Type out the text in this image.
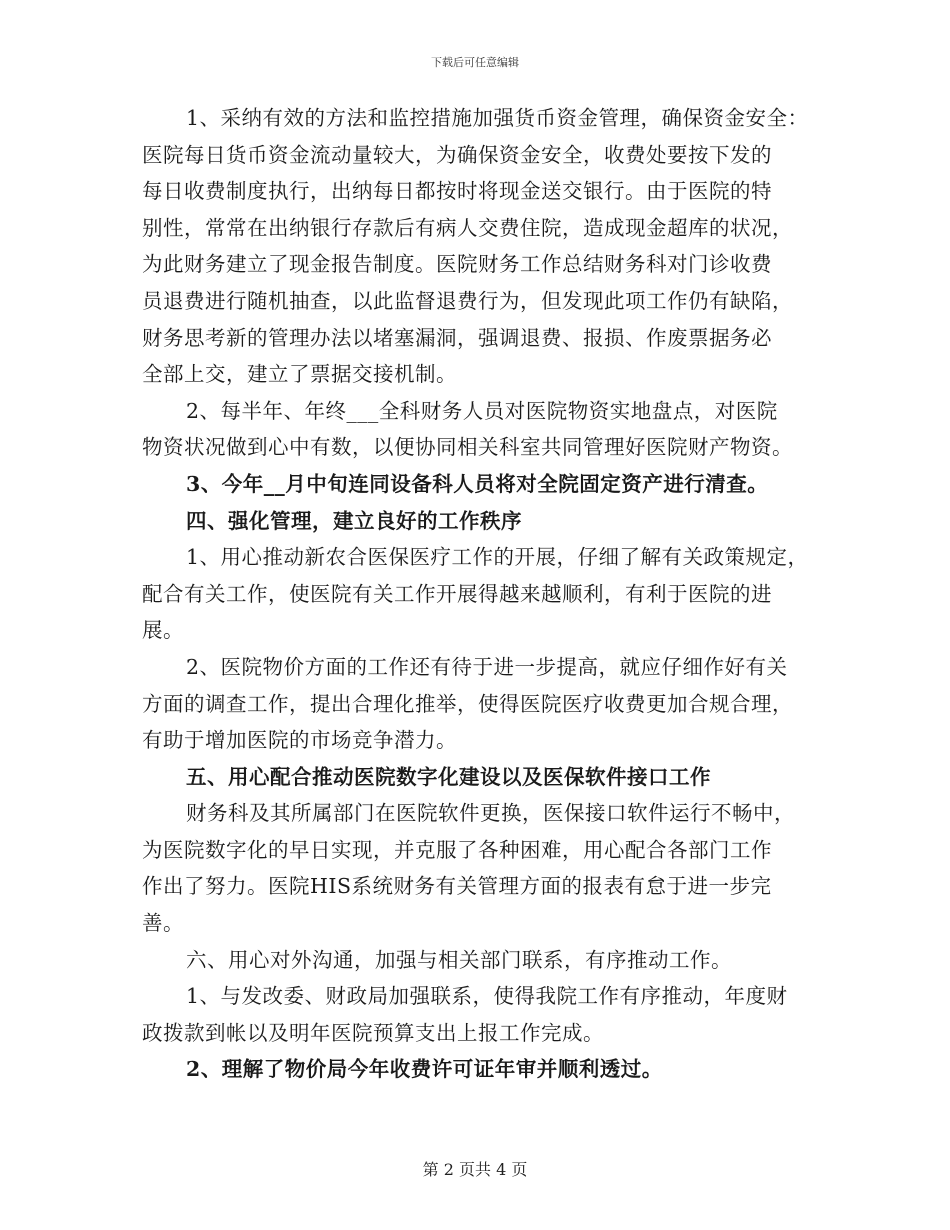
下载后可任意编辑
1、采纳有效的方法和监控措施加强货币资金管理，确保资金安全：
医院每日货币资金流动量较大，为确保资金安全，收费处要按下发的
每日收费制度执行，出纳每日都按时将现金送交银行。由于医院的特
别性，常常在出纳银行存款后有病人交费住院，造成现金超库的状况，
为此财务建立了现金报告制度。医院财务工作总结财务科对门诊收费
员退费进行随机抽查，以此监督退费行为，但发现此项工作仍有缺陷，
财务思考新的管理办法以堵塞漏洞，强调退费、报损、作废票据务必
全部上交，建立了票据交接机制。
2、每半年、年终___全科财务人员对医院物资实地盘点，对医院
物资状况做到心中有数，以便协同相关科室共同管理好医院财产物资。
3、今年__月中旬连同设备科人员将对全院固定资产进行清查。
四、强化管理，建立良好的工作秩序
1、用心推动新农合医保医疗工作的开展，仔细了解有关政策规定，
配合有关工作，使医院有关工作开展得越来越顺利，有利于医院的进
展。
2、医院物价方面的工作还有待于进一步提高，就应仔细作好有关
方面的调查工作，提出合理化推举，使得医院医疗收费更加合规合理，
有助于增加医院的市场竞争潜力。
五、用心配合推动医院数字化建设以及医保软件接口工作
财务科及其所属部门在医院软件更换，医保接口软件运行不畅中，
为医院数字化的早日实现，并克服了各种困难，用心配合各部门工作
作出了努力。医院HIS系统财务有关管理方面的报表有怠于进一步完
善。
六、用心对外沟通，加强与相关部门联系，有序推动工作。
1、与发改委、财政局加强联系，使得我院工作有序推动，年度财
政拨款到帐以及明年医院预算支出上报工作完成。
2、理解了物价局今年收费许可证年审并顺利透过。
第 2 页共 4 页
